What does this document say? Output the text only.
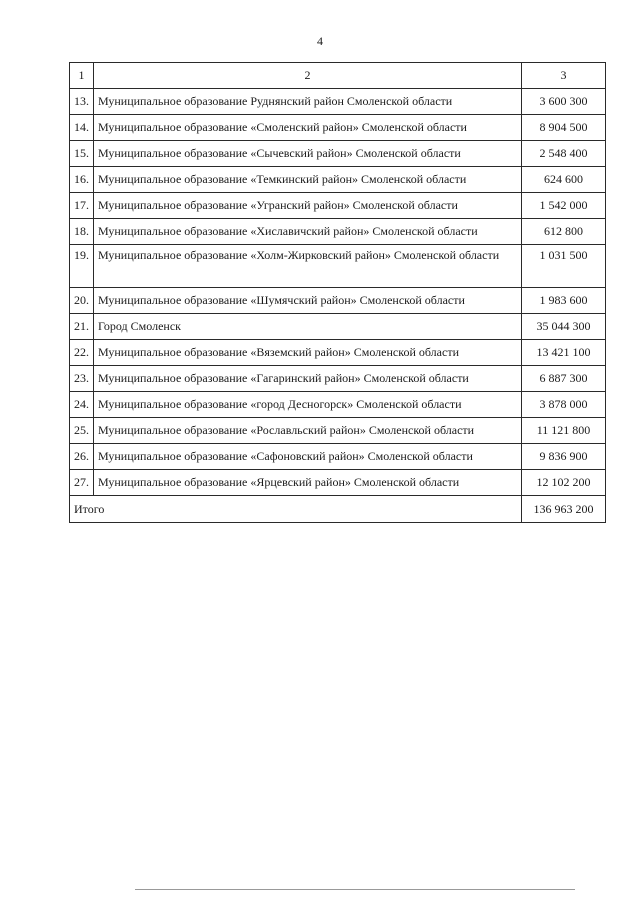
4
1	2	3
13.	Муниципальное образование Руднянский район Смоленской области	3 600 300
14.	Муниципальное образование «Смоленский район» Смоленской области	8 904 500
15.	Муниципальное образование «Сычевский район» Смоленской области	2 548 400
16.	Муниципальное образование «Темкинский район» Смоленской области	624 600
17.	Муниципальное образование «Угранский район» Смоленской области	1 542 000
18.	Муниципальное образование «Хиславичский район» Смоленской области	612 800
19.	Муниципальное образование «Холм-Жирковский район» Смоленской области	1 031 500
20.	Муниципальное образование «Шумячский район» Смоленской области	1 983 600
21.	Город Смоленск	35 044 300
22.	Муниципальное образование «Вяземский район» Смоленской области	13 421 100
23.	Муниципальное образование «Гагаринский район» Смоленской области	6 887 300
24.	Муниципальное образование «город Десногорск» Смоленской области	3 878 000
25.	Муниципальное образование «Рославльский район» Смоленской области	11 121 800
26.	Муниципальное образование «Сафоновский район» Смоленской области	9 836 900
27.	Муниципальное образование «Ярцевский район» Смоленской области	12 102 200
Итого		136 963 200
